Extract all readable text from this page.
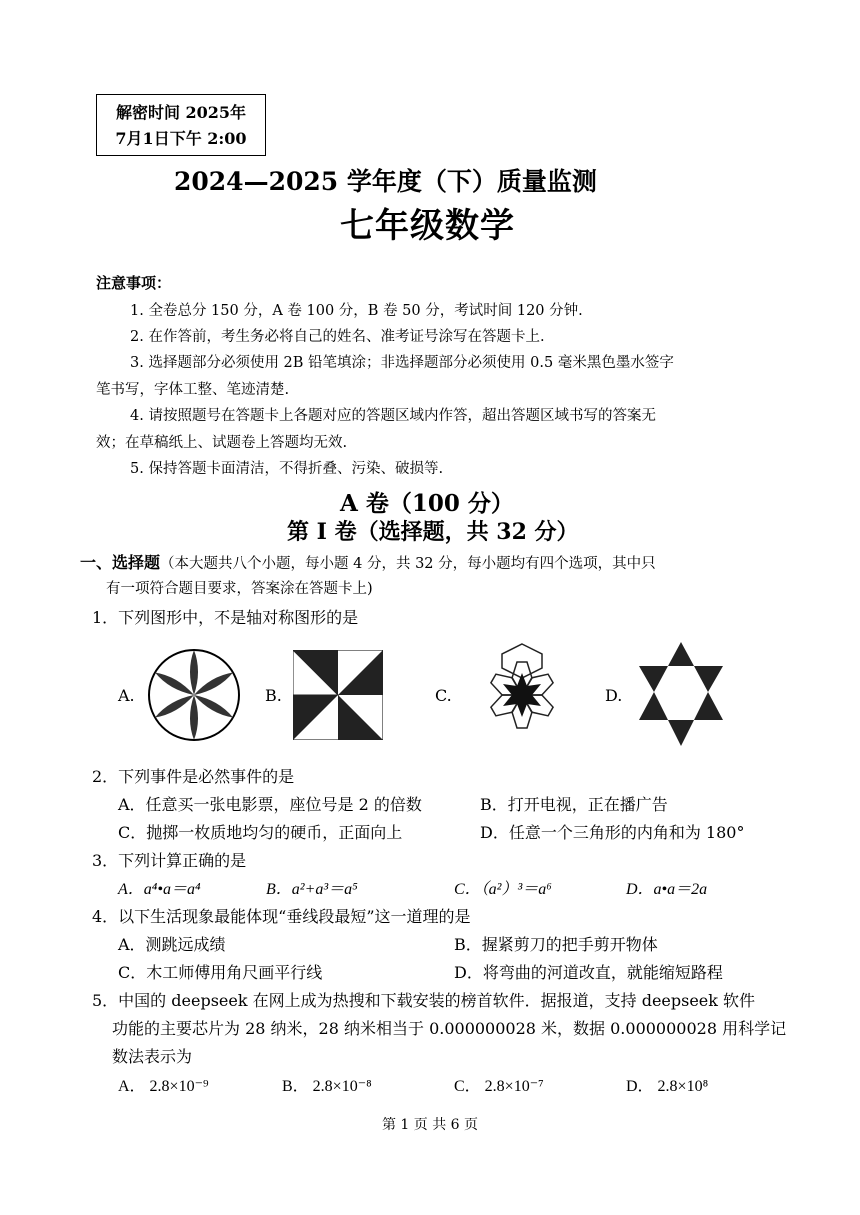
解密时间 2025年
7月1日下午 2:00
2024—2025 学年度（下）质量监测
七年级数学
注意事项：
1. 全卷总分 150 分，A 卷 100 分，B 卷 50 分，考试时间 120 分钟.
2. 在作答前，考生务必将自己的姓名、准考证号涂写在答题卡上.
3. 选择题部分必须使用 2B 铅笔填涂；非选择题部分必须使用 0.5 毫米黑色墨水签字
笔书写，字体工整、笔迹清楚.
4. 请按照题号在答题卡上各题对应的答题区域内作答，超出答题区域书写的答案无
效；在草稿纸上、试题卷上答题均无效.
5. 保持答题卡面清洁，不得折叠、污染、破损等.
A 卷（100 分）
第 I 卷（选择题，共 32 分）
一、选择题（本大题共八个小题，每小题 4 分，共 32 分，每小题均有四个选项，其中只
有一项符合题目要求，答案涂在答题卡上)
1．下列图形中，不是轴对称图形的是
A.	B.	C.	D.
2．下列事件是必然事件的是
A．任意买一张电影票，座位号是 2 的倍数	B．打开电视，正在播广告
C．抛掷一枚质地均匀的硬币，正面向上	D．任意一个三角形的内角和为 180°
3．下列计算正确的是
A．a⁴•a＝a⁴	B．a²+a³＝a⁵	C．（a²）³＝a⁶	D．a•a＝2a
4．以下生活现象最能体现“垂线段最短”这一道理的是
A．测跳远成绩	B．握紧剪刀的把手剪开物体
C．木工师傅用角尺画平行线	D．将弯曲的河道改直，就能缩短路程
5．中国的 deepseek 在网上成为热搜和下载安装的榜首软件．据报道，支持 deepseek 软件
功能的主要芯片为 28 纳米，28 纳米相当于 0.000000028 米，数据 0.000000028 用科学记
数法表示为
A． 2.8×10⁻⁹	B． 2.8×10⁻⁸	C． 2.8×10⁻⁷	D． 2.8×10⁸
第 1 页 共 6 页
